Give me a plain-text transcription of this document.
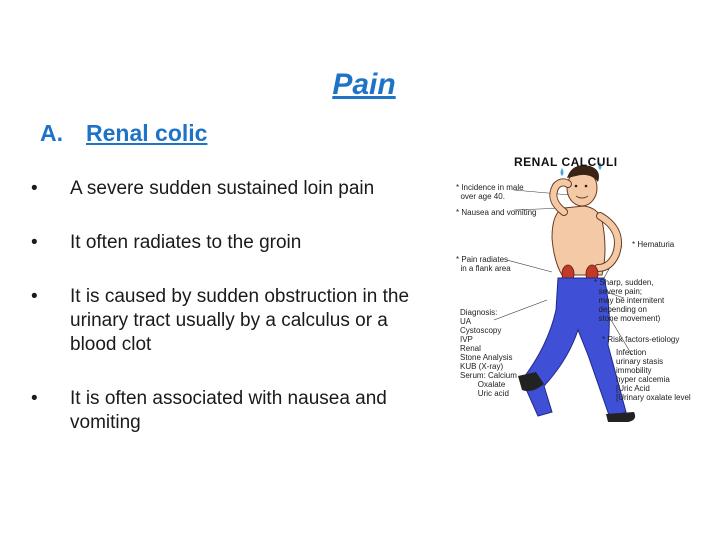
Pain
A. Renal colic
• A severe sudden sustained loin pain
• It often radiates to the groin
• It is caused by sudden obstruction in the urinary tract usually by a calculus or a blood clot
• It is often associated with nausea and vomiting
RENAL CALCULI
* Incidence in male
over age 40.
* Nausea and vomiting
* Hematuria
* Pain radiates
in a flank area
* Sharp, sudden,
severe pain;
may be intermitent
depending on
stone movement)
Diagnosis:
UA
Cystoscopy
IVP
Renal
Stone Analysis
KUB (X-ray)
Serum: Calcium
Oxalate
Uric acid
* Risk factors-etiology
Infection
urinary stasis
immobility
hyper calcemia
[Uric Acid
[Urinary oxalate level
